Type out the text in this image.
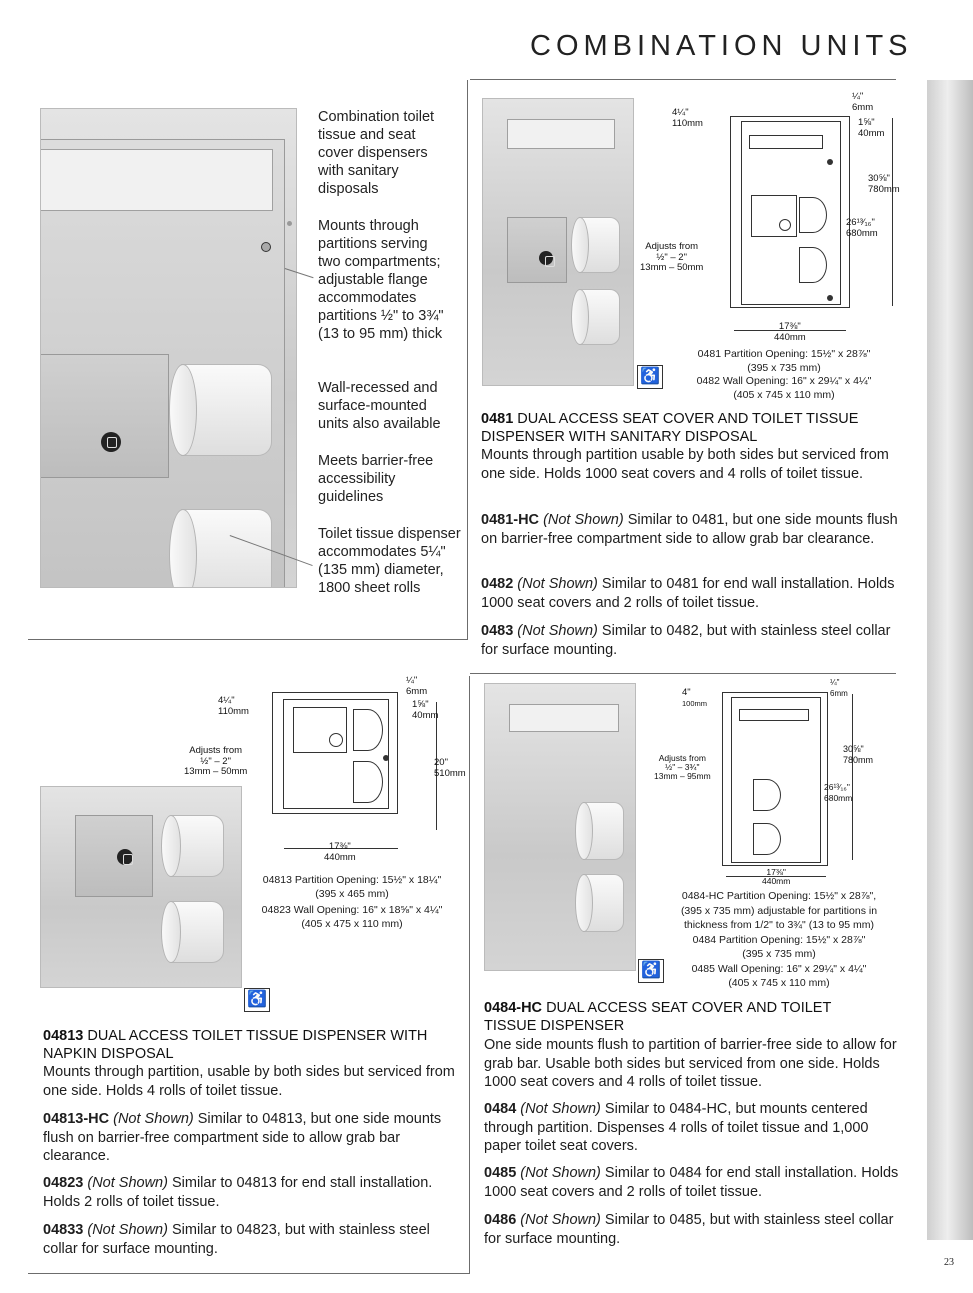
COMBINATION UNITS
23
Combination toilet tissue and seat cover dispensers with sanitary disposals
Mounts through partitions serving two compartments; adjustable flange accommodates partitions ½" to 3¾" (13 to 95 mm) thick
Wall-recessed and surface-mounted units also available
Meets barrier-free accessibility guidelines
Toilet tissue dispenser accommodates 5¼" (135 mm) diameter, 1800 sheet rolls
4¼"
110mm
¼"
6mm
1⅝"
40mm
30⅝"
780mm
26¹³⁄₁₆"
680mm
Adjusts from
½" – 2"
13mm – 50mm
17⅜"
440mm
0481 Partition Opening: 15½" x 28⅞"
(395 x 735 mm)
0482 Wall Opening: 16" x 29¼" x 4¼"
(405 x 745 x 110 mm)
♿
0481 DUAL ACCESS SEAT COVER AND TOILET TISSUE DISPENSER WITH SANITARY DISPOSAL
Mounts through partition usable by both sides but serviced from one side. Holds 1000 seat covers and 4 rolls of toilet tissue.
0481-HC (Not Shown) Similar to 0481, but one side mounts flush on barrier-free compartment side to allow grab bar clearance.
0482 (Not Shown) Similar to 0481 for end wall installation. Holds 1000 seat covers and 2 rolls of toilet tissue.
0483 (Not Shown) Similar to 0482, but with stainless steel collar for surface mounting.
4¼"
110mm
¼"
6mm
1⅝"
40mm
20"
510mm
Adjusts from
½" – 2"
13mm – 50mm
17⅜"
440mm
♿
04813 Partition Opening: 15½" x 18¼"
(395 x 465 mm)
04823 Wall Opening: 16" x 18⅝" x 4¼"
(405 x 475 x 110 mm)
04813 DUAL ACCESS TOILET TISSUE DISPENSER WITH NAPKIN DISPOSAL
Mounts through partition, usable by both sides but serviced from one side. Holds 4 rolls of toilet tissue.
04813-HC (Not Shown) Similar to 04813, but one side mounts flush on barrier-free compartment side to allow grab bar clearance.
04823 (Not Shown) Similar to 04813 for end stall installation. Holds 2 rolls of toilet tissue.
04833 (Not Shown) Similar to 04823, but with stainless steel collar for surface mounting.
4"
100mm
¼"
6mm
30⅝"
780mm
26¹³⁄₁₆"
680mm
Adjusts from
½" – 3¾"
13mm – 95mm
17⅜"
440mm
0484-HC Partition Opening: 15½" x 28⅞",
(395 x 735 mm) adjustable for partitions in
thickness from 1/2" to 3¾" (13 to 95 mm)
0484 Partition Opening: 15½" x 28⅞"
(395 x 735 mm)
0485 Wall Opening: 16" x 29¼" x 4¼"
(405 x 745 x 110 mm)
♿
0484-HC DUAL ACCESS SEAT COVER AND TOILET TISSUE DISPENSER
One side mounts flush to partition of barrier-free side to allow for grab bar. Usable both sides but serviced from one side. Holds 1000 seat covers and 4 rolls of toilet tissue.
0484 (Not Shown) Similar to 0484-HC, but mounts centered through partition. Dispenses 4 rolls of toilet tissue and 1,000 paper toilet seat covers.
0485 (Not Shown) Similar to 0484 for end stall installation. Holds 1000 seat covers and 2 rolls of toilet tissue.
0486 (Not Shown) Similar to 0485, but with stainless steel collar for surface mounting.
